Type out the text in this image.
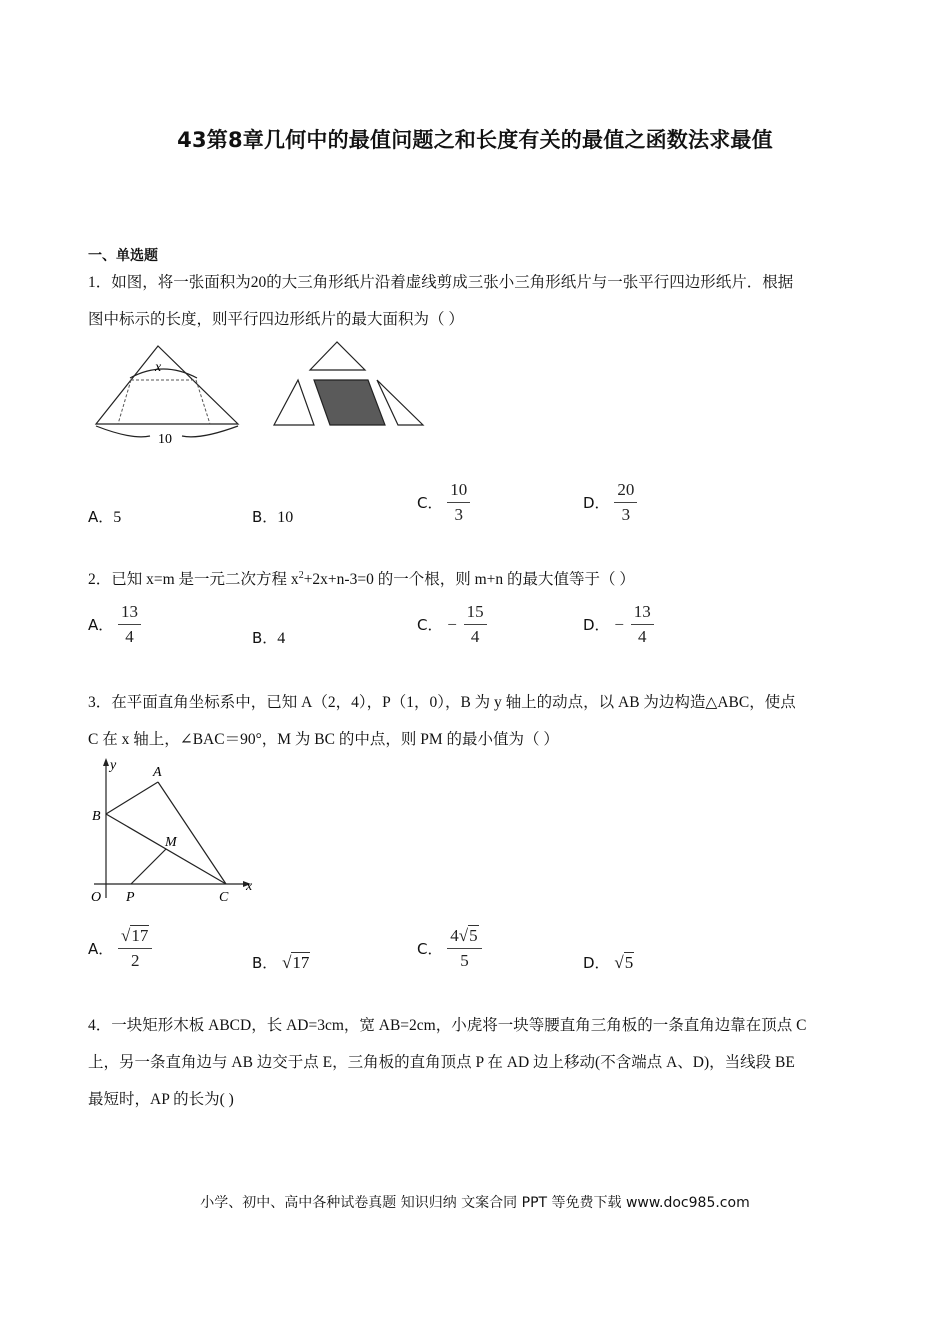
43第8章几何中的最值问题之和长度有关的最值之函数法求最值
一、单选题
1．如图，将一张面积为20的大三角形纸片沿着虚线剪成三张小三角形纸片与一张平行四边形纸片．根据
图中标示的长度，则平行四边形纸片的最大面积为（ ）
x
10
A．5	B．10
C． $\frac{10}{3}$	D． $\frac{20}{3}$
2．已知 x=m 是一元二次方程 $x^2+2x+n-3=0$ 的一个根，则 m+n 的最大值等于（ ）
A． $\frac{13}{4}$	B．4
C． − $\frac{15}{4}$	D． − $\frac{13}{4}$
3．在平面直角坐标系中，已知 A（2，4），P（1，0），B 为 y 轴上的动点，以 AB 为边构造△ABC，使点
C 在 x 轴上，∠BAC＝90°，M 为 BC 的中点，则 PM 的最小值为（ ）
y
x
A
B
M
O P	C
A． $\frac{√17}{2}$	B． √17
C． $\frac{4√5}{5}$	D． √5
4．一块矩形木板 ABCD，长 AD=3cm，宽 AB=2cm，小虎将一块等腰直角三角板的一条直角边靠在顶点 C
上，另一条直角边与 AB 边交于点 E，三角板的直角顶点 P 在 AD 边上移动(不含端点 A、D)，当线段 BE
最短时，AP 的长为( )
小学、初中、高中各种试卷真题 知识归纳 文案合同 PPT 等免费下载 www.doc985.com
